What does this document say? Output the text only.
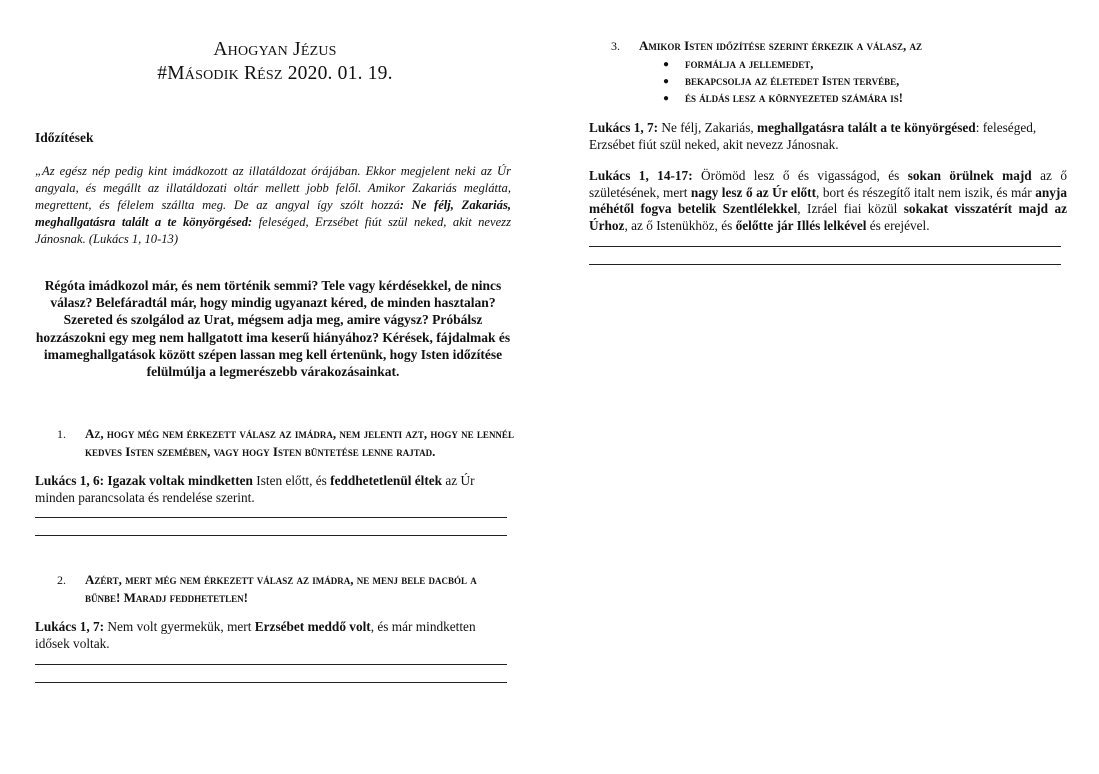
Ahogyan Jézus
#Második Rész 2020. 01. 19.
Időzítések
„Az egész nép pedig kint imádkozott az illatáldozat órájában. Ekkor megjelent neki az Úr angyala, és megállt az illatáldozati oltár mellett jobb felől. Amikor Zakariás meglátta, megrettent, és félelem szállta meg. De az angyal így szólt hozzá: Ne félj, Zakariás, meghallgatásra talált a te könyörgésed: feleséged, Erzsébet fiút szül neked, akit nevezz Jánosnak. (Lukács 1, 10-13)
Régóta imádkozol már, és nem történik semmi? Tele vagy kérdésekkel, de nincs válasz? Belefáradtál már, hogy mindig ugyanazt kéred, de minden hasztalan? Szereted és szolgálod az Urat, mégsem adja meg, amire vágysz? Próbálsz hozzászokni egy meg nem hallgatott ima keserű hiányához? Kérések, fájdalmak és imameghallgatások között szépen lassan meg kell értenünk, hogy Isten időzítése felülmúlja a legmerészebb várakozásainkat.
1. Az, hogy még nem érkezett válasz az imádra, nem jelenti azt, hogy ne lennél kedves Isten szemében, vagy hogy Isten büntetése lenne rajtad.
Lukács 1, 6: Igazak voltak mindketten Isten előtt, és feddhetetlenül éltek az Úr minden parancsolata és rendelése szerint.
2. Azért, mert még nem érkezett válasz az imádra, ne menj bele dacból a bűnbe! Maradj feddhetetlen!
Lukács 1, 7: Nem volt gyermekük, mert Erzsébet meddő volt, és már mindketten idősek voltak.
3. Amikor Isten időzítése szerint érkezik a válasz, az
● formálja a jellemedet,
● bekapcsolja az életedet Isten tervébe,
● és áldás lesz a környezeted számára is!
Lukács 1, 7: Ne félj, Zakariás, meghallgatásra talált a te könyörgésed: feleséged, Erzsébet fiút szül neked, akit nevezz Jánosnak.
Lukács 1, 14-17: Örömöd lesz ő és vigasságod, és sokan örülnek majd az ő születésének, mert nagy lesz ő az Úr előtt, bort és részegítő italt nem iszik, és már anyja méhétől fogva betelik Szentlélekkel, Izráel fiai közül sokakat visszatérít majd az Úrhoz, az ő Istenükhöz, és őelőtte jár Illés lelkével és erejével.
